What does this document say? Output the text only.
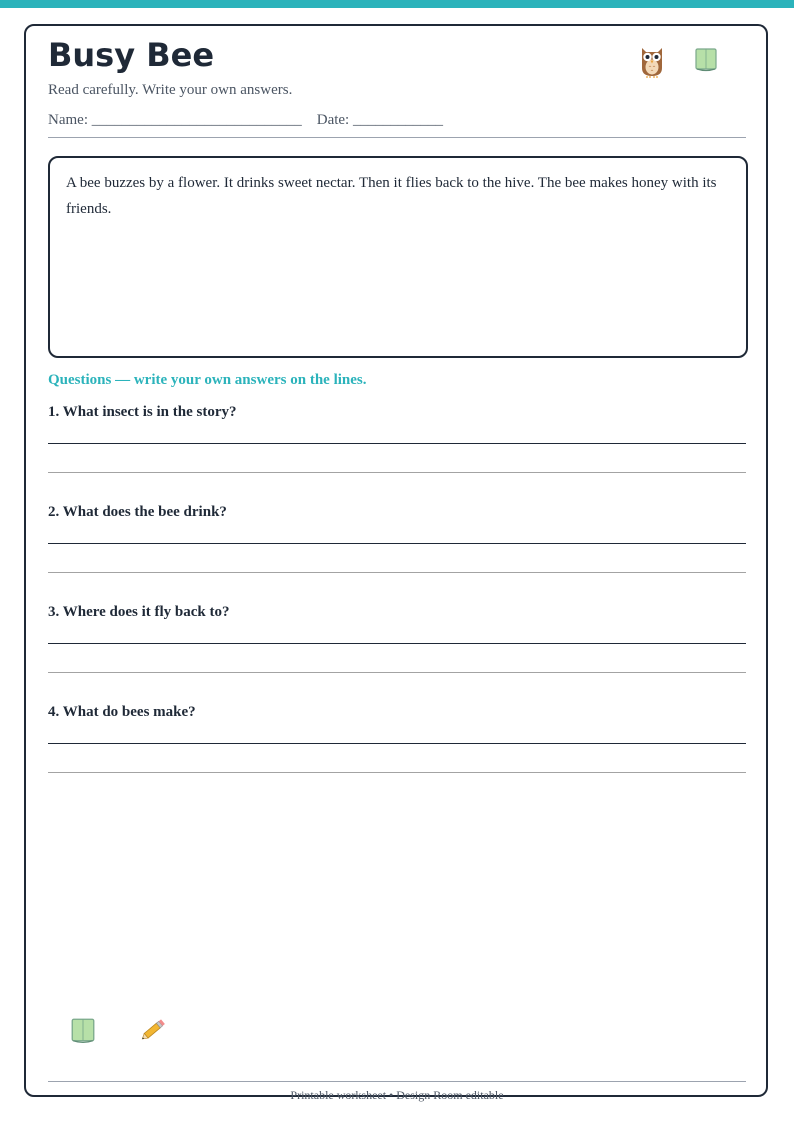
Busy Bee
Read carefully. Write your own answers.
Name: ____________________________    Date: ____________
A bee buzzes by a flower. It drinks sweet nectar. Then it flies back to the hive. The bee makes honey with its friends.
Questions — write your own answers on the lines.
1. What insect is in the story?
2. What does the bee drink?
3. Where does it fly back to?
4. What do bees make?
Printable worksheet • Design Room editable
